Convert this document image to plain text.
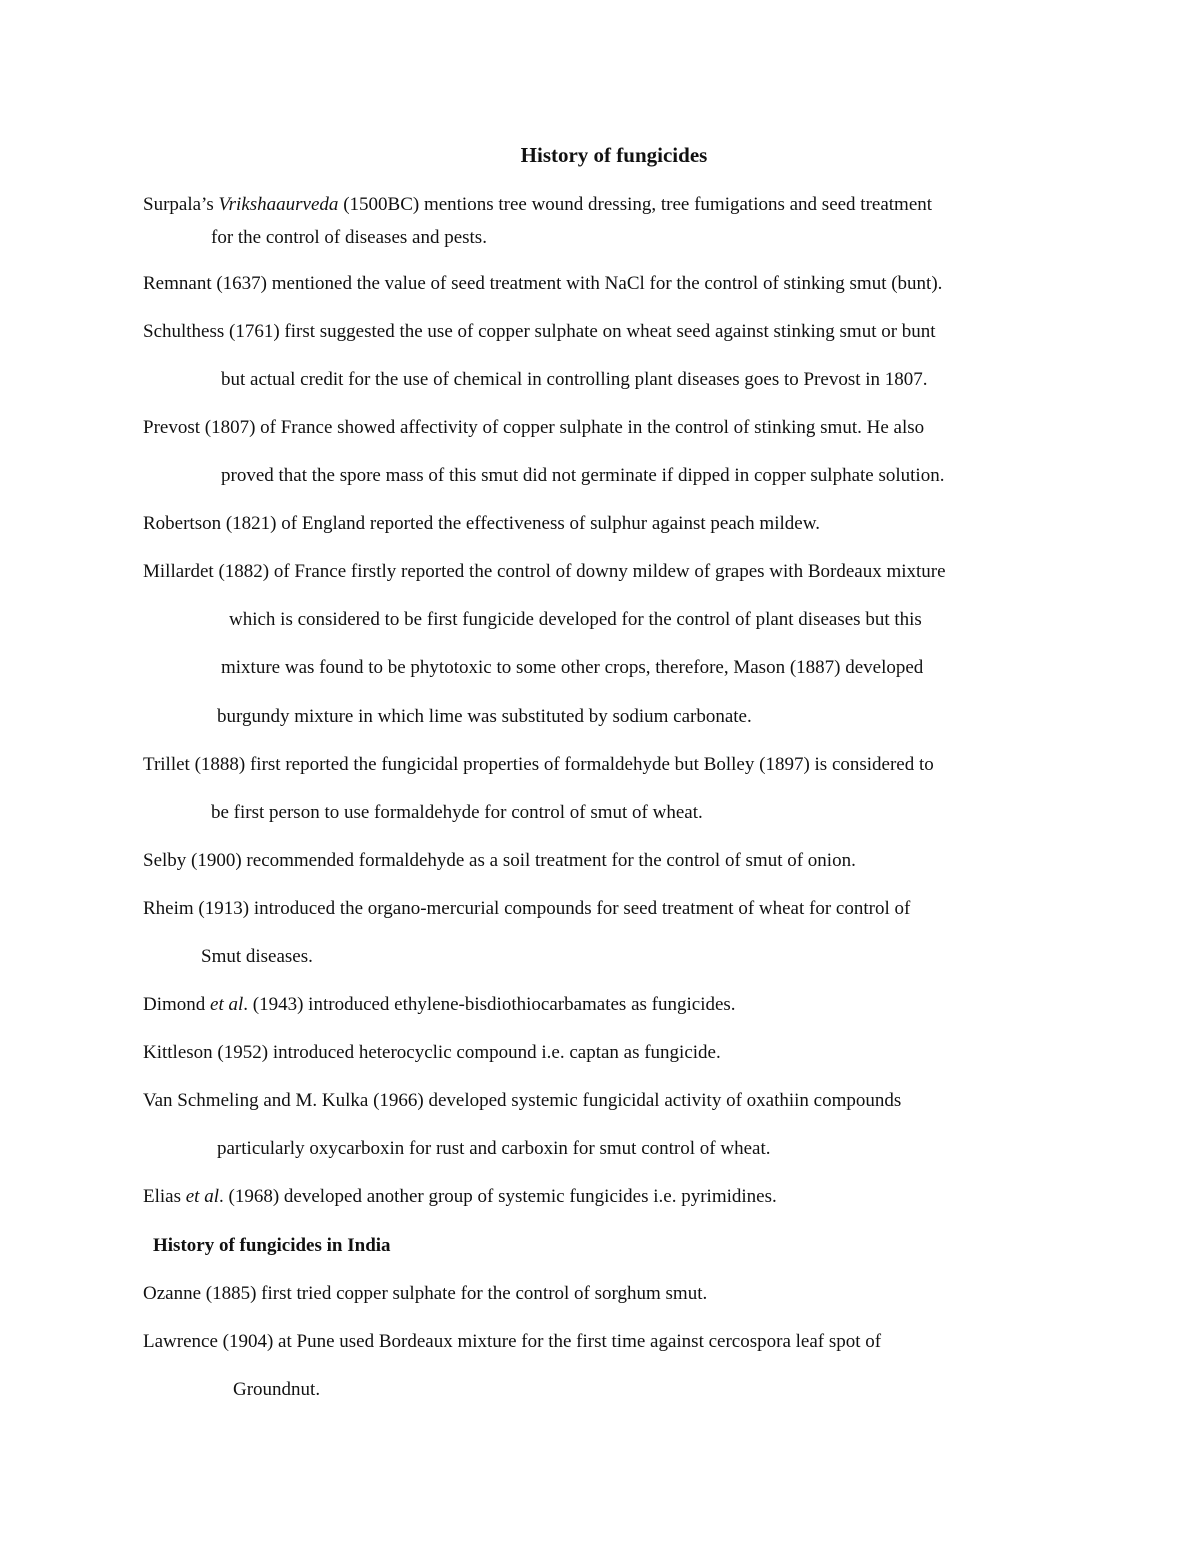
History of fungicides
Surpala’s Vrikshaaurveda (1500BC) mentions tree wound dressing, tree fumigations and seed treatment
for the control of diseases and pests.
Remnant (1637) mentioned the value of seed treatment with NaCl for the control of stinking smut (bunt).
Schulthess (1761) first suggested the use of copper sulphate on wheat seed against stinking smut or bunt
but actual credit for the use of chemical in controlling plant diseases goes to Prevost in 1807.
Prevost (1807) of France showed affectivity of copper sulphate in the control of stinking smut. He also
proved that the spore mass of this smut did not germinate if dipped in copper sulphate solution.
Robertson (1821) of England reported the effectiveness of sulphur against peach mildew.
Millardet (1882) of France firstly reported the control of downy mildew of grapes with Bordeaux mixture
which is considered to be first fungicide developed for the control of plant diseases but this
mixture was found to be phytotoxic to some other crops, therefore, Mason (1887) developed
burgundy mixture in which lime was substituted by sodium carbonate.
Trillet (1888) first reported the fungicidal properties of formaldehyde but Bolley (1897) is considered to
be first person to use formaldehyde for control of smut of wheat.
Selby (1900) recommended formaldehyde as a soil treatment for the control of smut of onion.
Rheim (1913) introduced the organo-mercurial compounds for seed treatment of wheat for control of
Smut diseases.
Dimond et al. (1943) introduced ethylene-bisdiothiocarbamates as fungicides.
Kittleson (1952) introduced heterocyclic compound i.e. captan as fungicide.
Van Schmeling and M. Kulka (1966) developed systemic fungicidal activity of oxathiin compounds
particularly oxycarboxin for rust and carboxin for smut control of wheat.
Elias et al. (1968) developed another group of systemic fungicides i.e. pyrimidines.
History of fungicides in India
Ozanne (1885) first tried copper sulphate for the control of sorghum smut.
Lawrence (1904) at Pune used Bordeaux mixture for the first time against cercospora leaf spot of
Groundnut.
